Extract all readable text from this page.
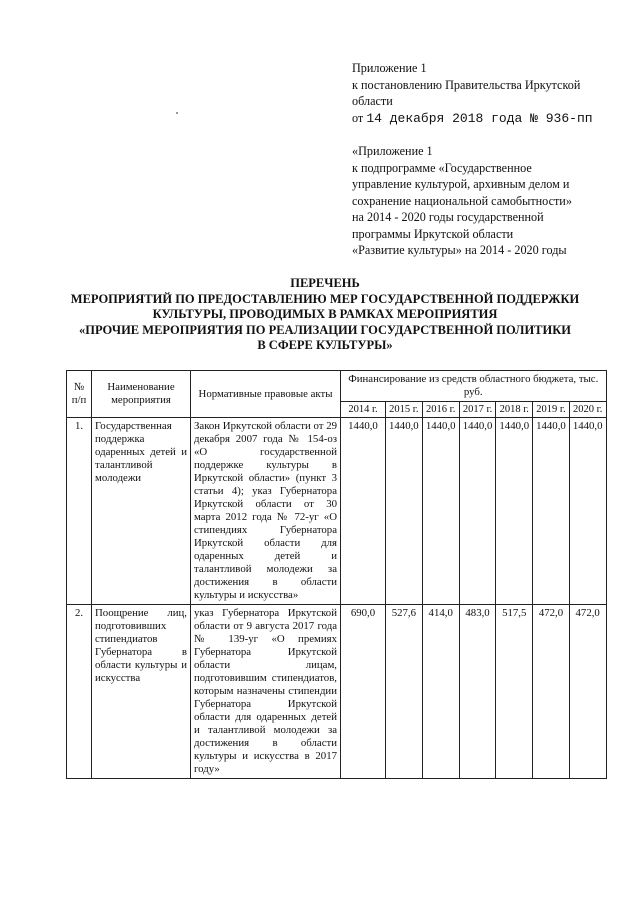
Приложение 1
к постановлению Правительства Иркутской
области
от 14 декабря 2018 года № 936-пп
«Приложение 1
к подпрограмме «Государственное
управление культурой, архивным делом и
сохранение национальной самобытности»
на 2014 - 2020 годы государственной
программы Иркутской области
«Развитие культуры» на 2014 - 2020 годы
ПЕРЕЧЕНЬ
МЕРОПРИЯТИЙ ПО ПРЕДОСТАВЛЕНИЮ МЕР ГОСУДАРСТВЕННОЙ ПОДДЕРЖКИ
КУЛЬТУРЫ, ПРОВОДИМЫХ В РАМКАХ МЕРОПРИЯТИЯ
«ПРОЧИЕ МЕРОПРИЯТИЯ ПО РЕАЛИЗАЦИИ ГОСУДАРСТВЕННОЙ ПОЛИТИКИ
В СФЕРЕ КУЛЬТУРЫ»
№ п/п	Наименование мероприятия	Нормативные правовые акты	Финансирование из средств областного бюджета, тыс. руб.						
			2014 г.	2015 г.	2016 г.	2017 г.	2018 г.	2019 г.	2020 г.
1.	Государственная поддержка одаренных детей и талантливой молодежи	Закон Иркутской области от 29 декабря 2007 года № 154-оз «О государственной поддержке культуры в Иркутской области» (пункт 3 статьи 4); указ Губернатора Иркутской области от 30 марта 2012 года № 72-уг «О стипендиях Губернатора Иркутской области для одаренных детей и талантливой молодежи за достижения в области культуры и искусства»	1440,0	1440,0	1440,0	1440,0	1440,0	1440,0	1440,0
2.	Поощрение лиц, подготовивших стипендиатов Губернатора в области культуры и искусства	указ Губернатора Иркутской области от 9 августа 2017 года № 139-уг «О премиях Губернатора Иркутской области лицам, подготовившим стипендиатов, которым назначены стипендии Губернатора Иркутской области для одаренных детей и талантливой молодежи за достижения в области культуры и искусства в 2017 году»	690,0	527,6	414,0	483,0	517,5	472,0	472,0
